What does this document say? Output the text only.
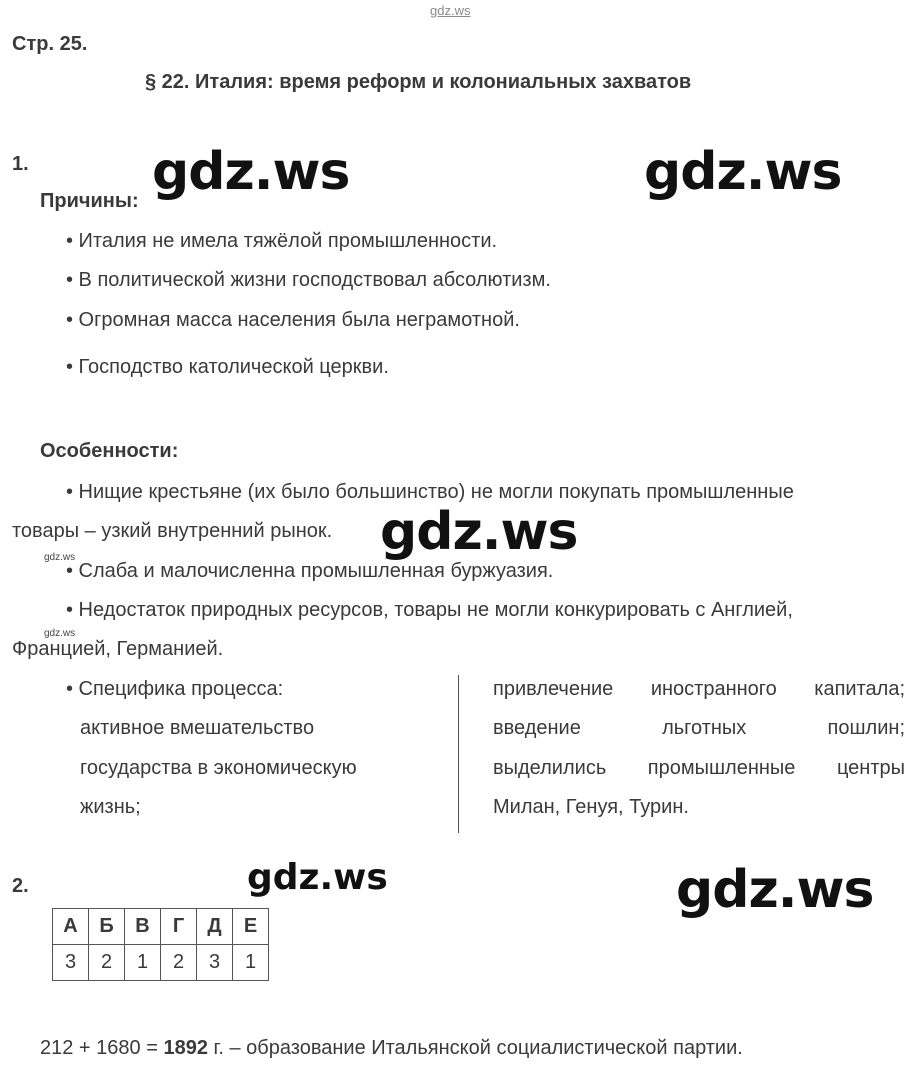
gdz.ws
gdz.ws	gdz.ws
gdz.ws
gdz.ws	gdz.ws
gdz.ws
gdz.ws
Стр. 25.
§ 22. Италия: время реформ и колониальных захватов
1.
Причины:
• Италия не имела тяжёлой промышленности.
• В политической жизни господствовал абсолютизм.
• Огромная масса населения была неграмотной.
• Господство католической церкви.
Особенности:
• Нищие крестьяне (их было большинство) не могли покупать промышленные
товары – узкий внутренний рынок.
• Слаба и малочисленна промышленная буржуазия.
• Недостаток природных ресурсов, товары не могли конкурировать с Англией,
Францией, Германией.
• Специфика процесса:
активное вмешательство
государства в экономическую
жизнь;
привлечение иностранного капитала;
введение льготных пошлин;
выделились промышленные центры
Милан, Генуя, Турин.
2.
А	Б	В	Г	Д	Е
3	2	1	2	3	1
212 + 1680 = 1892 г. – образование Итальянской социалистической партии.
